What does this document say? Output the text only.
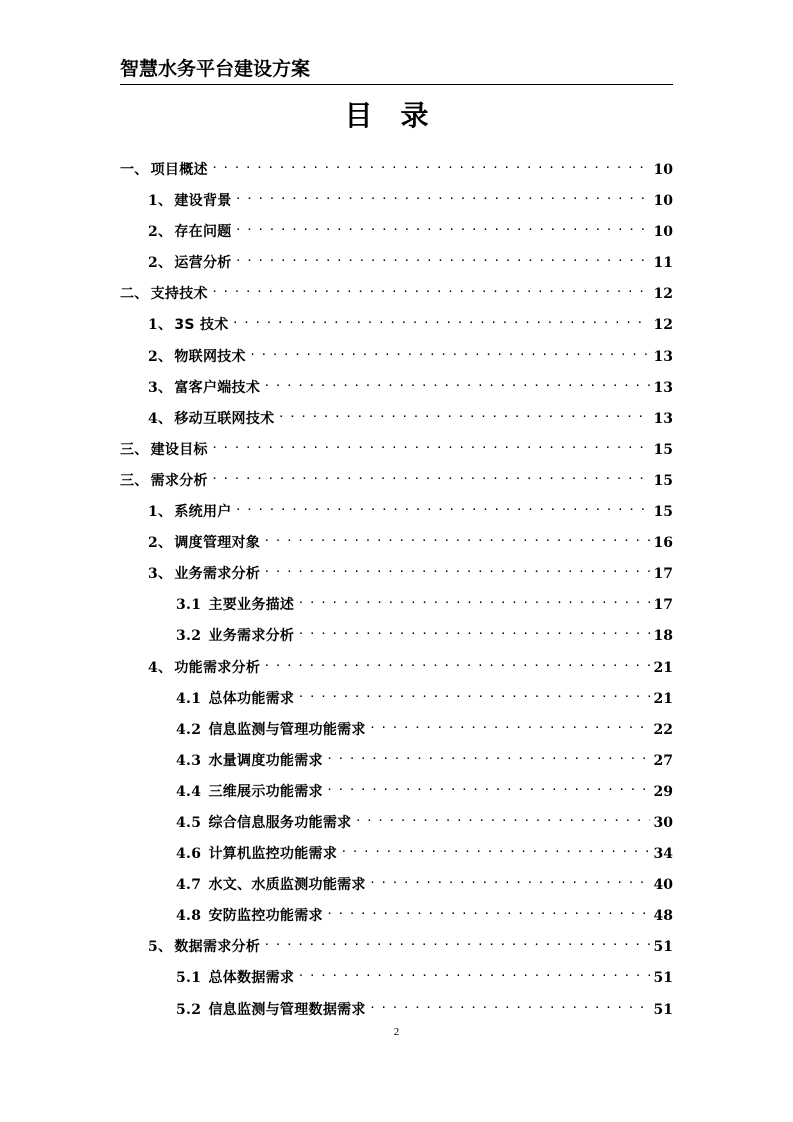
智慧水务平台建设方案
目录
一、 项目概述 . . .	10
1、 建设背景 . . .	10
2、 存在问题 . . .	10
2、 运营分析 . . .	11
二、 支持技术 . . .	12
1、 3S 技术 . . .	12
2、 物联网技术 . . .	13
3、 富客户端技术 . . .	13
4、 移动互联网技术 . . .	13
三、 建设目标 . . .	15
三、 需求分析 . . .	15
1、 系统用户 . . .	15
2、 调度管理对象 . . .	16
3、 业务需求分析 . . .	17
3.1 主要业务描述 . . .	17
3.2 业务需求分析 . . .	18
4、 功能需求分析 . . .	21
4.1 总体功能需求 . . .	21
4.2 信息监测与管理功能需求 . . .	22
4.3 水量调度功能需求 . . .	27
4.4 三维展示功能需求 . . .	29
4.5 综合信息服务功能需求 . . .	30
4.6 计算机监控功能需求 . . .	34
4.7 水文、水质监测功能需求 . . .	40
4.8 安防监控功能需求 . . .	48
5、 数据需求分析 . . .	51
5.1 总体数据需求 . . .	51
5.2 信息监测与管理数据需求 . . .	51
2
